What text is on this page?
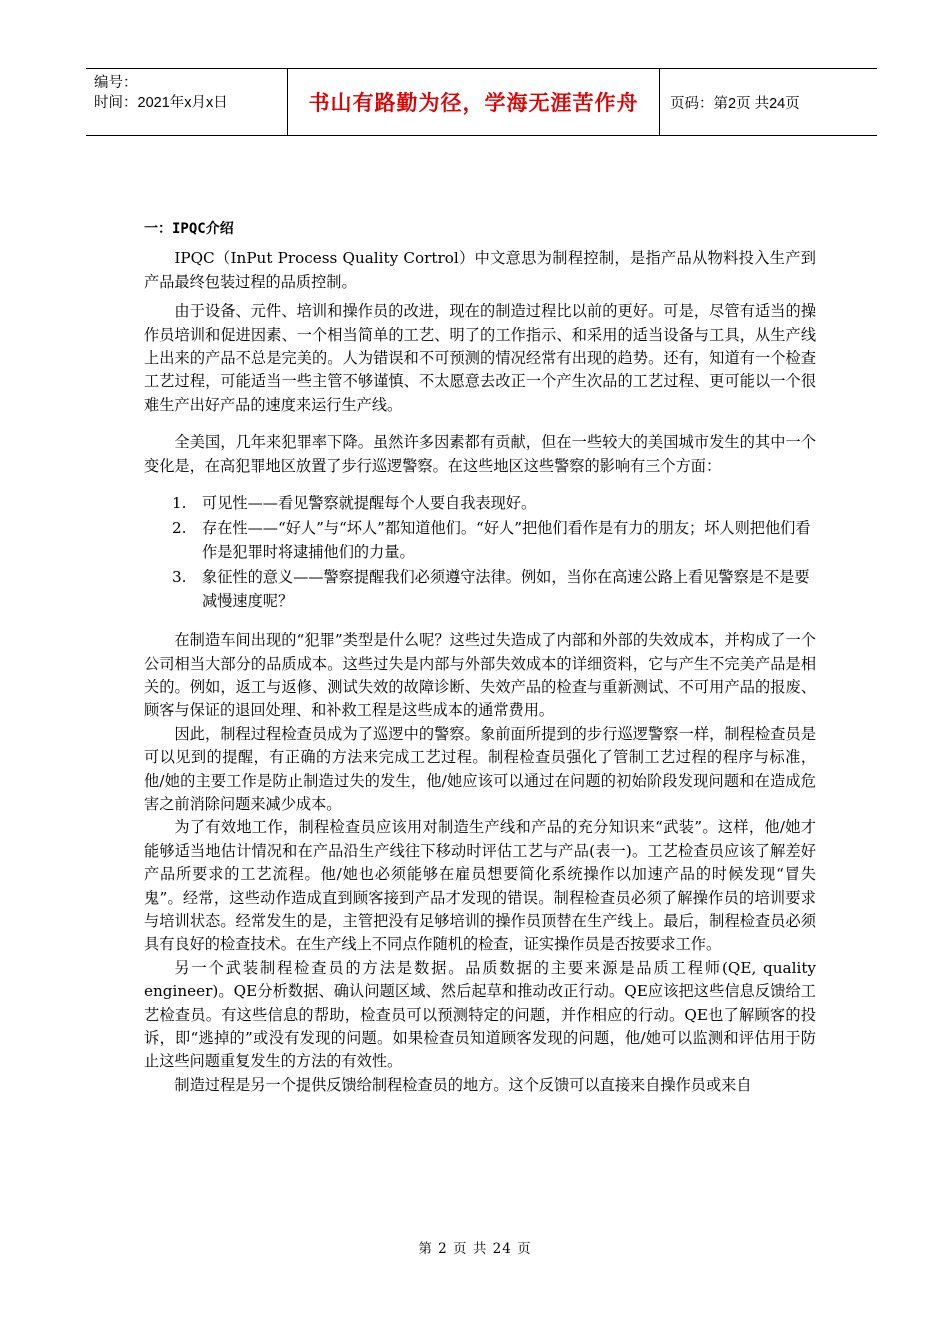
编号：
时间：2021年x月x日	书山有路勤为径，学海无涯苦作舟	页码：第2页 共24页
一：IPQC介绍

IPQC（InPut Process Quality Cortrol）中文意思为制程控制，是指产品从物料投入生产到产品最终包装过程的品质控制。

由于设备、元件、培训和操作员的改进，现在的制造过程比以前的更好。可是，尽管有适当的操作员培训和促进因素、一个相当简单的工艺、明了的工作指示、和采用的适当设备与工具，从生产线上出来的产品不总是完美的。人为错误和不可预测的情况经常有出现的趋势。还有，知道有一个检查工艺过程，可能适当一些主管不够谨慎、不太愿意去改正一个产生次品的工艺过程、更可能以一个很难生产出好产品的速度来运行生产线。

全美国，几年来犯罪率下降。虽然许多因素都有贡献，但在一些较大的美国城市发生的其中一个变化是，在高犯罪地区放置了步行巡逻警察。在这些地区这些警察的影响有三个方面：

1. 可见性——看见警察就提醒每个人要自我表现好。
2. 存在性——“好人”与“坏人”都知道他们。“好人”把他们看作是有力的朋友；坏人则把他们看作是犯罪时将逮捕他们的力量。
3. 象征性的意义——警察提醒我们必须遵守法律。例如，当你在高速公路上看见警察是不是要减慢速度呢？

在制造车间出现的“犯罪”类型是什么呢？这些过失造成了内部和外部的失效成本，并构成了一个公司相当大部分的品质成本。这些过失是内部与外部失效成本的详细资料，它与产生不完美产品是相关的。例如，返工与返修、测试失效的故障诊断、失效产品的检查与重新测试、不可用产品的报废、顾客与保证的退回处理、和补救工程是这些成本的通常费用。

因此，制程过程检查员成为了巡逻中的警察。象前面所提到的步行巡逻警察一样，制程检查员是可以见到的提醒，有正确的方法来完成工艺过程。制程检查员强化了管制工艺过程的程序与标准，他/她的主要工作是防止制造过失的发生，他/她应该可以通过在问题的初始阶段发现问题和在造成危害之前消除问题来减少成本。

为了有效地工作，制程检查员应该用对制造生产线和产品的充分知识来“武装”。这样，他/她才能够适当地估计情况和在产品沿生产线往下移动时评估工艺与产品(表一)。工艺检查员应该了解差好产品所要求的工艺流程。他/她也必须能够在雇员想要简化系统操作以加速产品的时候发现“冒失鬼”。经常，这些动作造成直到顾客接到产品才发现的错误。制程检查员必须了解操作员的培训要求与培训状态。经常发生的是，主管把没有足够培训的操作员顶替在生产线上。最后，制程检查员必须具有良好的检查技术。在生产线上不同点作随机的检查，证实操作员是否按要求工作。

另一个武装制程检查员的方法是数据。品质数据的主要来源是品质工程师(QE, quality engineer)。QE分析数据、确认问题区域、然后起草和推动改正行动。QE应该把这些信息反馈给工艺检查员。有这些信息的帮助，检查员可以预测特定的问题，并作相应的行动。QE也了解顾客的投诉，即“逃掉的”或没有发现的问题。如果检查员知道顾客发现的问题，他/她可以监测和评估用于防止这些问题重复发生的方法的有效性。

制造过程是另一个提供反馈给制程检查员的地方。这个反馈可以直接来自操作员或来自

第 2 页 共 24 页
